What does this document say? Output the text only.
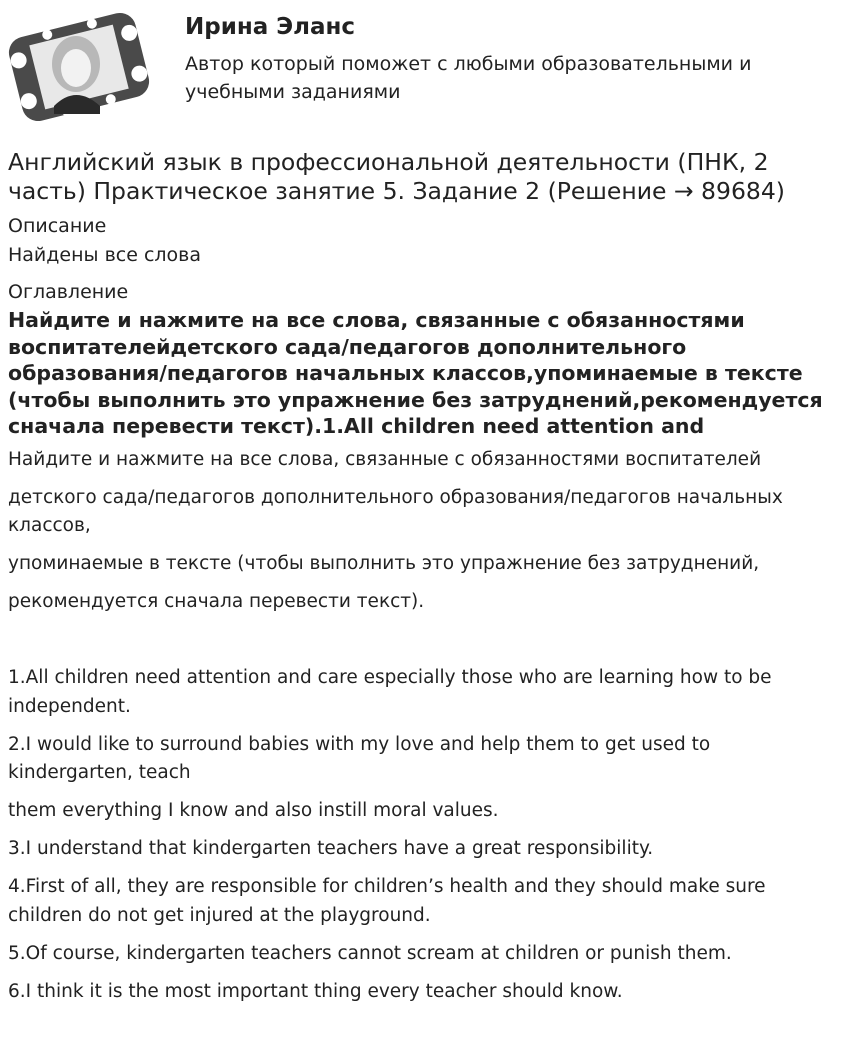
Ирина Эланс

Автор который поможет с любыми образовательными и учебными заданиями

Английский язык в профессиональной деятельности (ПНК, 2 часть) Практическое занятие 5. Задание 2 (Решение → 89684)

Описание

Найдены все слова

Оглавление

Найдите и нажмите на все слова, связанные с обязанностями воспитателейдетского сада/педагогов дополнительного образования/педагогов начальных классов,упоминаемые в тексте (чтобы выполнить это упражнение без затруднений,рекомендуется сначала перевести текст).1.All children need attention and

Найдите и нажмите на все слова, связанные с обязанностями воспитателей

детского сада/педагогов дополнительного образования/педагогов начальных классов,

упоминаемые в тексте (чтобы выполнить это упражнение без затруднений,

рекомендуется сначала перевести текст).

1.All children need attention and care especially those who are learning how to be independent.

2.I would like to surround babies with my love and help them to get used to kindergarten, teach

them everything I know and also instill moral values.

3.I understand that kindergarten teachers have a great responsibility.

4.First of all, they are responsible for children’s health and they should make sure children do not get injured at the playground.

5.Of course, kindergarten teachers cannot scream at children or punish them.

6.I think it is the most important thing every teacher should know.
